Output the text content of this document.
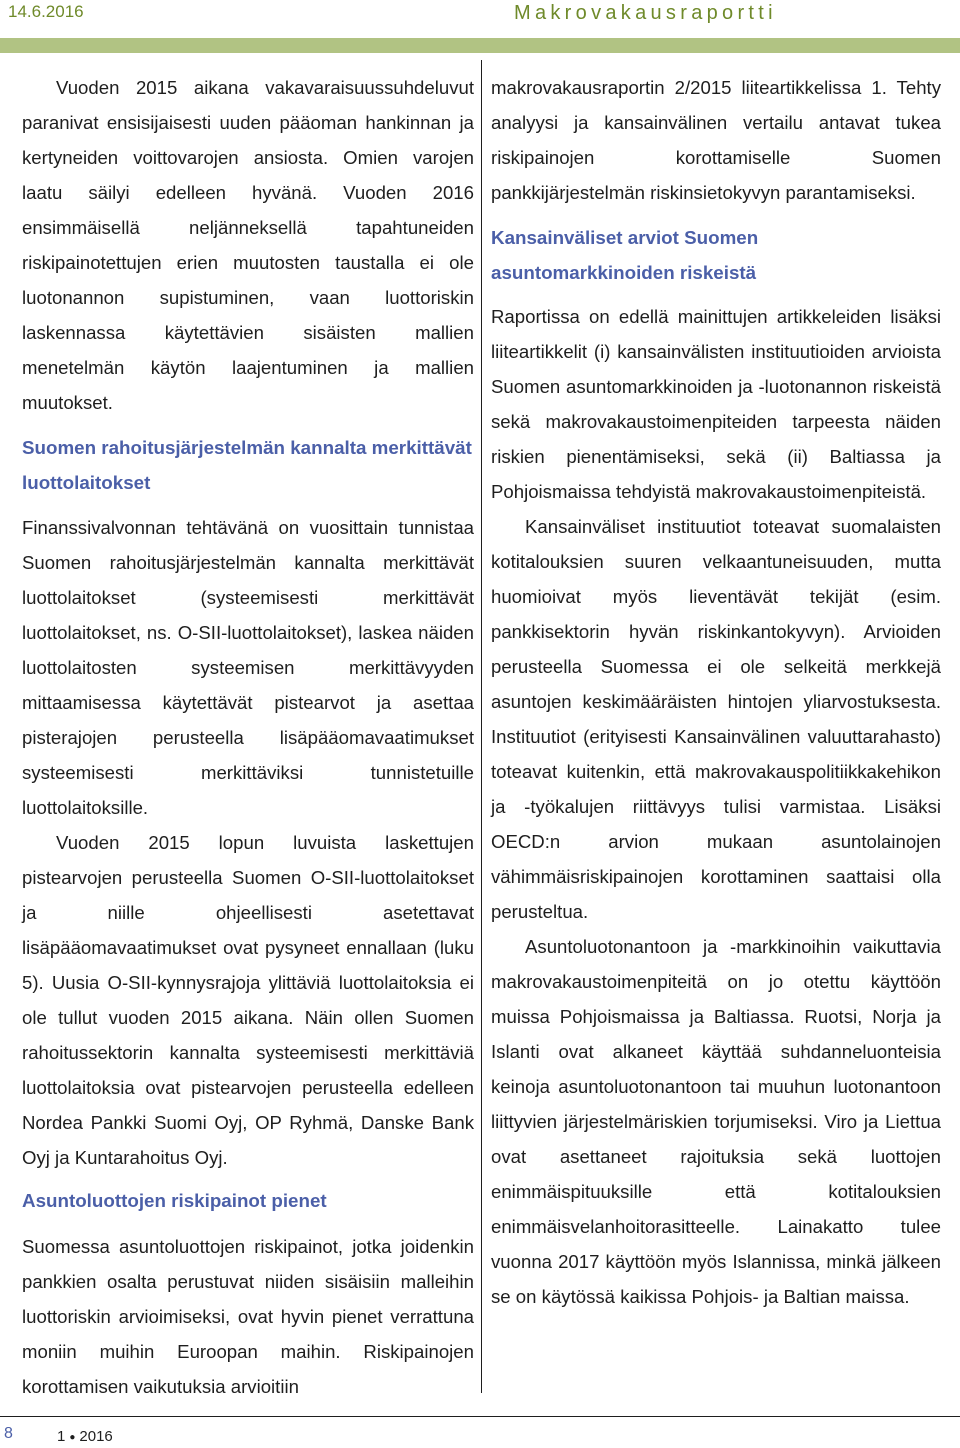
14.6.2016	Makrovakausraportti

Vuoden 2015 aikana vakavaraisuussuhdeluvut paranivat ensisijaisesti uuden pääoman hankinnan ja kertyneiden voittovarojen ansiosta. Omien varojen laatu säilyi edelleen hyvänä. Vuoden 2016 ensimmäisellä neljänneksellä tapahtuneiden riskipainotettujen erien muutosten taustalla ei ole luotonannon supistuminen, vaan luottoriskin laskennassa käytettävien sisäisten mallien menetelmän käytön laajentuminen ja mallien muutokset.

Suomen rahoitusjärjestelmän kannalta merkittävät luottolaitokset

Finanssivalvonnan tehtävänä on vuosittain tunnistaa Suomen rahoitusjärjestelmän kannalta merkittävät luottolaitokset (systeemisesti merkittävät luottolaitokset, ns. O-SII-luottolaitokset), laskea näiden luottolaitosten systeemisen merkittävyyden mittaamisessa käytettävät pistearvot ja asettaa pisterajojen perusteella lisäpääomavaatimukset systeemisesti merkittäviksi tunnistetuille luottolaitoksille.

Vuoden 2015 lopun luvuista laskettujen pistearvojen perusteella Suomen O-SII-luottolaitokset ja niille ohjeellisesti asetettavat lisäpääomavaatimukset ovat pysyneet ennallaan (luku 5). Uusia O-SII-kynnysrajoja ylittäviä luottolaitoksia ei ole tullut vuoden 2015 aikana. Näin ollen Suomen rahoitussektorin kannalta systeemisesti merkittäviä luottolaitoksia ovat pistearvojen perusteella edelleen Nordea Pankki Suomi Oyj, OP Ryhmä, Danske Bank Oyj ja Kuntarahoitus Oyj.

Asuntoluottojen riskipainot pienet

Suomessa asuntoluottojen riskipainot, jotka joidenkin pankkien osalta perustuvat niiden sisäisiin malleihin luottoriskin arvioimiseksi, ovat hyvin pienet verrattuna moniin muihin Euroopan maihin. Riskipainojen korottamisen vaikutuksia arvioitiin

makrovakausraportin 2/2015 liiteartikkelissa 1. Tehty analyysi ja kansainvälinen vertailu antavat tukea riskipainojen korottamiselle Suomen pankkijärjestelmän riskinsietokyvyn parantamiseksi.

Kansainväliset arviot Suomen asuntomarkkinoiden riskeistä

Raportissa on edellä mainittujen artikkeleiden lisäksi liiteartikkelit (i) kansainvälisten instituutioiden arvioista Suomen asuntomarkkinoiden ja -luotonannon riskeistä sekä makrovakaustoimenpiteiden tarpeesta näiden riskien pienentämiseksi, sekä (ii) Baltiassa ja Pohjoismaissa tehdyistä makrovakaustoimenpiteistä.

Kansainväliset instituutiot toteavat suomalaisten kotitalouksien suuren velkaantuneisuuden, mutta huomioivat myös lieventävät tekijät (esim. pankkisektorin hyvän riskinkantokyvyn). Arvioiden perusteella Suomessa ei ole selkeitä merkkejä asuntojen keskimääräisten hintojen yliarvostuksesta. Instituutiot (erityisesti Kansainvälinen valuuttarahasto) toteavat kuitenkin, että makrovakauspolitiikkakehikon ja -työkalujen riittävyys tulisi varmistaa. Lisäksi OECD:n arvion mukaan asuntolainojen vähimmäisriskipainojen korottaminen saattaisi olla perusteltua.

Asuntoluotonantoon ja -markkinoihin vaikuttavia makrovakaustoimenpiteitä on jo otettu käyttöön muissa Pohjoismaissa ja Baltiassa. Ruotsi, Norja ja Islanti ovat alkaneet käyttää suhdanneluonteisia keinoja asuntoluotonantoon tai muuhun luotonantoon liittyvien järjestelmäriskien torjumiseksi. Viro ja Liettua ovat asettaneet rajoituksia sekä luottojen enimmäispituuksille että kotitalouksien enimmäisvelanhoitorasitteelle. Lainakatto tulee vuonna 2017 käyttöön myös Islannissa, minkä jälkeen se on käytössä kaikissa Pohjois- ja Baltian maissa.

8	1 ● 2016
